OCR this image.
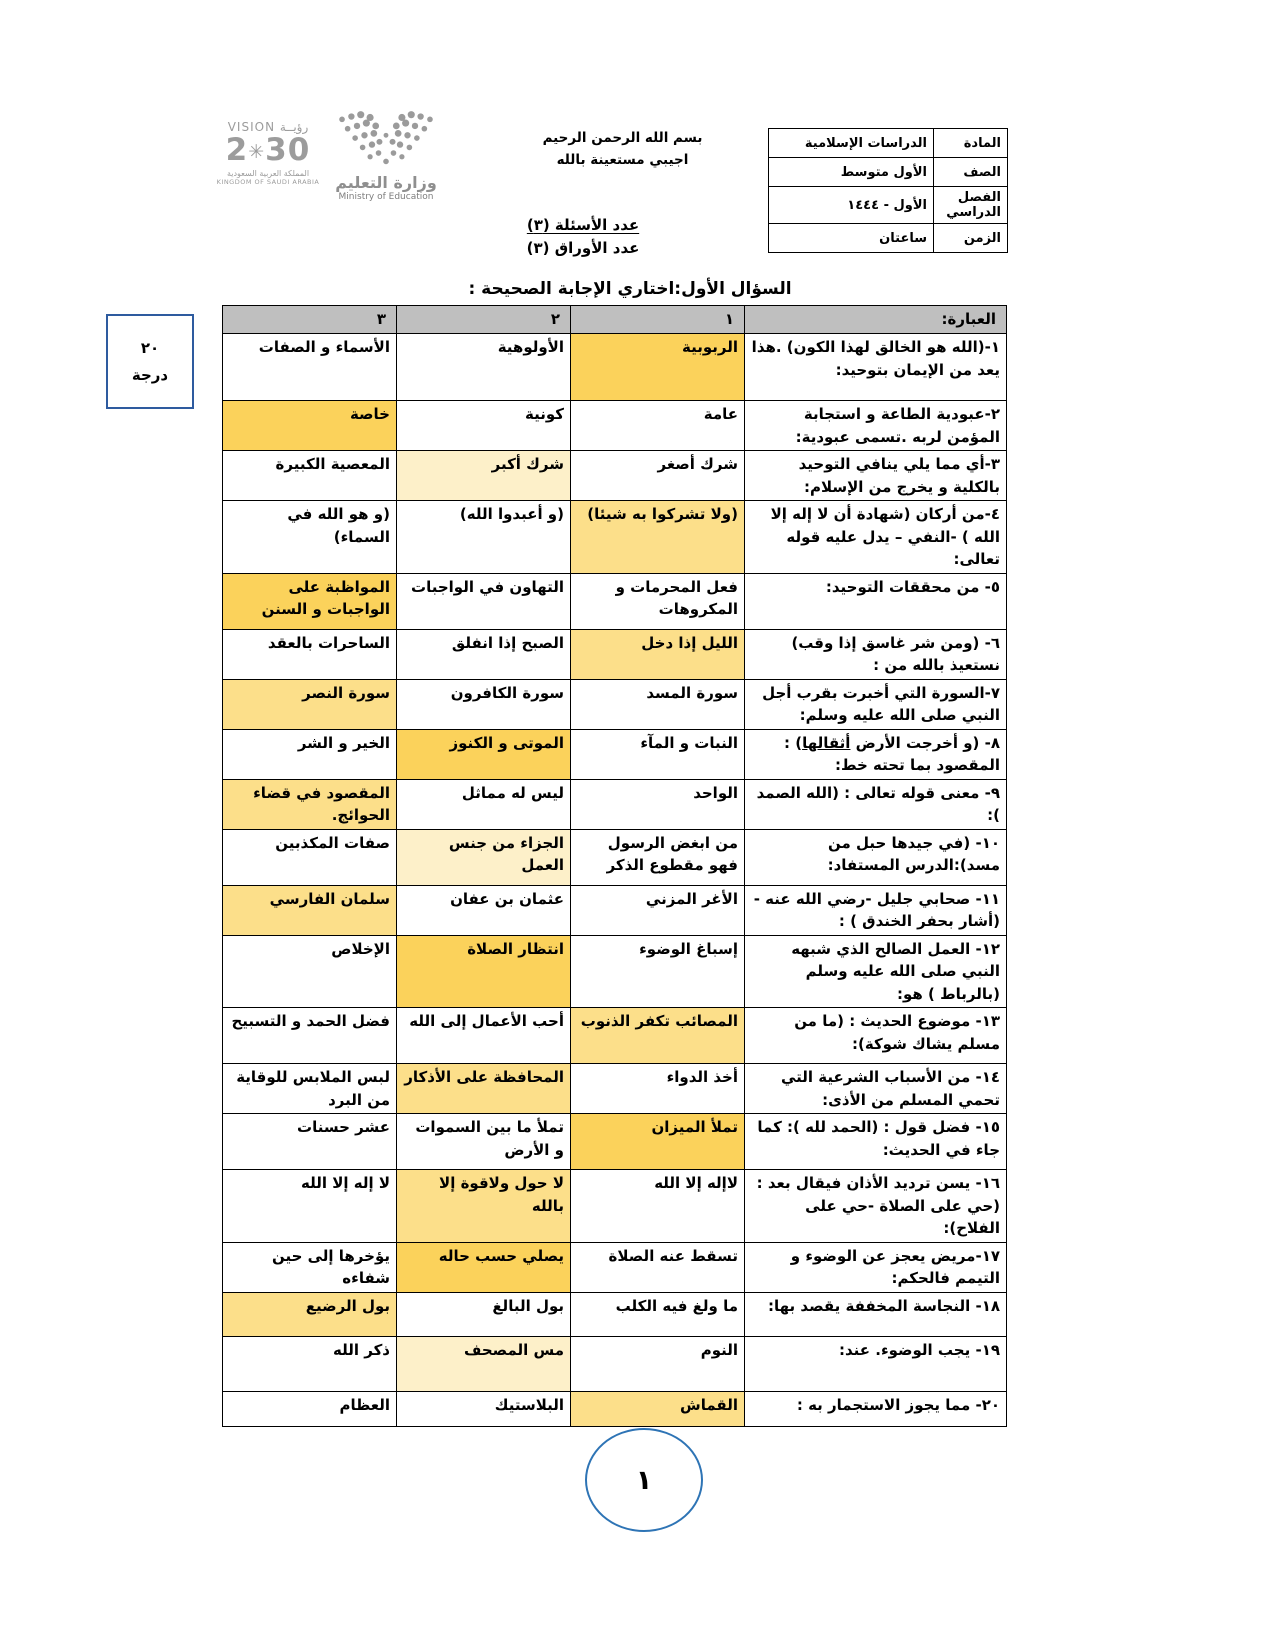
VISION رؤيــة
2✳30
المملكة العربية السعودية
KINGDOM OF SAUDI ARABIA وزارة التعليم
Ministry of Education
بسم الله الرحمن الرحيم
اجيبي مستعينة بالله
عدد الأسئلة (٣)
عدد الأوراق (٣)
المادة	الدراسات الإسلامية
الصف	الأول متوسط
الفصل الدراسي	الأول - ١٤٤٤
الزمن	ساعتان
السؤال الأول:اختاري الإجابة الصحيحة :
٢٠
درجة
العبارة:	١	٢	٣
١-(الله هو الخالق لهذا الكون) .هذا يعد من الإيمان بتوحيد:	الربوبية	الأولوهية	الأسماء و الصفات
٢-عبودية الطاعة و استجابة المؤمن لربه .تسمى عبودية:	عامة	كونية	خاصة
٣-أي مما يلي ينافي التوحيد بالكلية و يخرج من الإسلام:	شرك أصغر	شرك أكبر	المعصية الكبيرة
٤-من أركان (شهادة أن لا إله إلا الله ) -النفي – يدل عليه قوله تعالى:	(ولا تشركوا به شيئا)	(و أعبدوا الله)	(و هو الله في السماء)
٥- من محققات التوحيد:	فعل المحرمات و المكروهات	التهاون في الواجبات	المواظبة على الواجبات و السنن
٦- (ومن شر غاسق إذا وقب) نستعيذ بالله من :	الليل إذا دخل	الصبح إذا انفلق	الساحرات بالعقد
٧-السورة التي أخبرت بقرب أجل النبي صلى الله عليه وسلم:	سورة المسد	سورة الكافرون	سورة النصر
٨- (و أخرجت الأرض أثقالها) : المقصود بما تحته خط:	النبات و المآء	الموتى و الكنوز	الخير و الشر
٩- معنى قوله تعالى : (الله الصمد ):	الواحد	ليس له مماثل	المقصود في قضاء الحوائج.
١٠- (في جيدها حبل من مسد):الدرس المستفاد:	من ابغض الرسول فهو مقطوع الذكر	الجزاء من جنس العمل	صفات المكذبين
١١- صحابي جليل -رضي الله عنه - (أشار بحفر الخندق ) :	الأغر المزني	عثمان بن عفان	سلمان الفارسي
١٢- العمل الصالح الذي شبهه النبي صلى الله عليه وسلم (بالرباط ) هو:	إسباغ الوضوء	انتظار الصلاة	الإخلاص
١٣- موضوع الحديث : (ما من مسلم يشاك شوكة):	المصائب تكفر الذنوب	أحب الأعمال إلى الله	فضل الحمد و التسبيح
١٤- من الأسباب الشرعية التي تحمي المسلم من الأذى:	أخذ الدواء	المحافظة على الأذكار	لبس الملابس للوقاية من البرد
١٥- فضل قول : (الحمد لله ): كما جاء في الحديث:	تملأ الميزان	تملأ ما بين السموات و الأرض	عشر حسنات
١٦- يسن ترديد الأذان فيقال بعد : (حي على الصلاة -حي على الفلاح):	لاإله إلا الله	لا حول ولاقوة إلا بالله	لا إله إلا الله
١٧-مريض يعجز عن الوضوء و التيمم فالحكم:	تسقط عنه الصلاة	يصلي حسب حاله	يؤخرها إلى حين شفاءه
١٨- النجاسة المخففة يقصد بها:	ما ولغ فيه الكلب	بول البالغ	بول الرضيع
١٩- يجب الوضوء. عند:	النوم	مس المصحف	ذكر الله
٢٠- مما يجوز الاستجمار به :	القماش	البلاستيك	العظام
١
